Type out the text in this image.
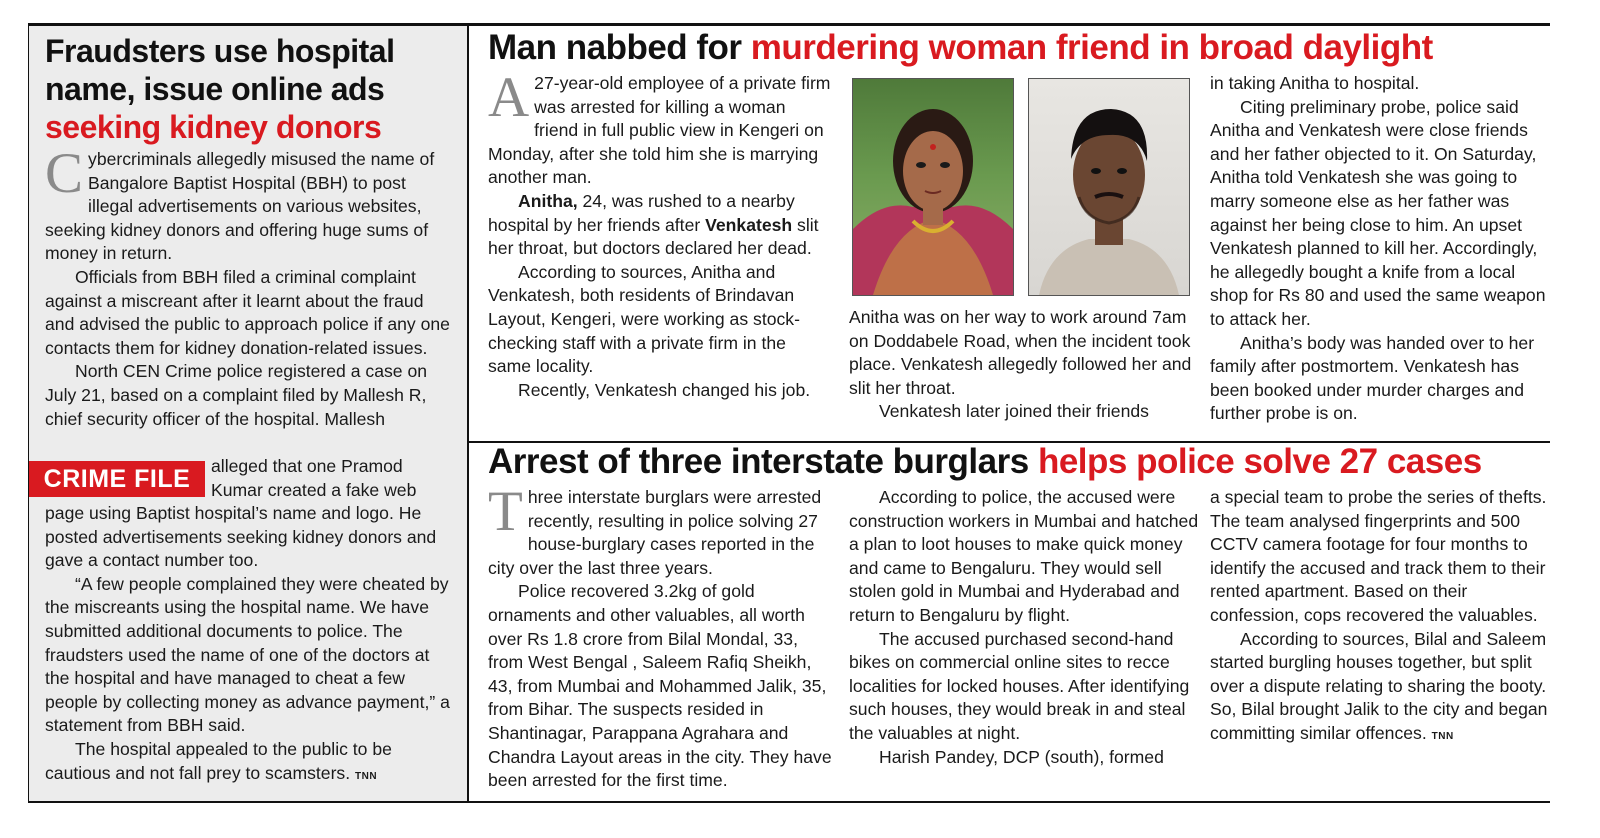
Fraudsters use hospital
name, issue online ads
seeking kidney donors

Cybercriminals allegedly misused the name of Bangalore Baptist Hospital (BBH) to post illegal advertisements on various websites, seeking kidney donors and offering huge sums of money in return.

Officials from BBH filed a criminal complaint against a miscreant after it learnt about the fraud and advised the public to approach police if any one contacts them for kidney donation-related issues.

North CEN Crime police registered a case on July 21, based on a complaint filed by Mallesh R, chief security officer of the hospital. Mallesh

CRIME FILE	alleged that one Pramod Kumar created a fake web

page using Baptist hospital’s name and logo. He posted advertisements seeking kidney donors and gave a contact number too.

“A few people complained they were cheated by the miscreants using the hospital name. We have submitted additional documents to police. The fraudsters used the name of one of the doctors at the hospital and have managed to cheat a few people by collecting money as advance payment,” a statement from BBH said.

The hospital appealed to the public to be cautious and not fall prey to scamsters. TNN

Man nabbed for murdering woman friend in broad daylight

A 27-year-old employee of a private firm was arrested for killing a woman friend in full public view in Kengeri on Monday, after she told him she is marrying another man.

Anitha, 24, was rushed to a nearby hospital by her friends after Venkatesh slit her throat, but doctors declared her dead.

According to sources, Anitha and Venkatesh, both residents of Brindavan Layout, Kengeri, were working as stock-checking staff with a private firm in the same locality.

Recently, Venkatesh changed his job.

Anitha was on her way to work around 7am on Doddabele Road, when the incident took place. Venkatesh allegedly followed her and slit her throat.

Venkatesh later joined their friends

in taking Anitha to hospital.

Citing preliminary probe, police said Anitha and Venkatesh were close friends and her father objected to it. On Saturday, Anitha told Venkatesh she was going to marry someone else as her father was against her being close to him. An upset Venkatesh planned to kill her. Accordingly, he allegedly bought a knife from a local shop for Rs 80 and used the same weapon to attack her.

Anitha’s body was handed over to her family after postmortem. Venkatesh has been booked under murder charges and further probe is on.

Arrest of three interstate burglars helps police solve 27 cases

Three interstate burglars were arrested recently, resulting in police solving 27 house-burglary cases reported in the city over the last three years.

Police recovered 3.2kg of gold ornaments and other valuables, all worth over Rs 1.8 crore from Bilal Mondal, 33, from West Bengal , Saleem Rafiq Sheikh, 43, from Mumbai and Mohammed Jalik, 35, from Bihar. The suspects resided in Shantinagar, Parappana Agrahara and Chandra Layout areas in the city. They have been arrested for the first time.

According to police, the accused were construction workers in Mumbai and hatched a plan to loot houses to make quick money and came to Bengaluru. They would sell stolen gold in Mumbai and Hyderabad and return to Bengaluru by flight.

The accused purchased second-hand bikes on commercial online sites to recce localities for locked houses. After identifying such houses, they would break in and steal the valuables at night.

Harish Pandey, DCP (south), formed

a special team to probe the series of thefts. The team analysed fingerprints and 500 CCTV camera footage for four months to identify the accused and track them to their rented apartment. Based on their confession, cops recovered the valuables.

According to sources, Bilal and Saleem started burgling houses together, but split over a dispute relating to sharing the booty. So, Bilal brought Jalik to the city and began committing similar offences. TNN
